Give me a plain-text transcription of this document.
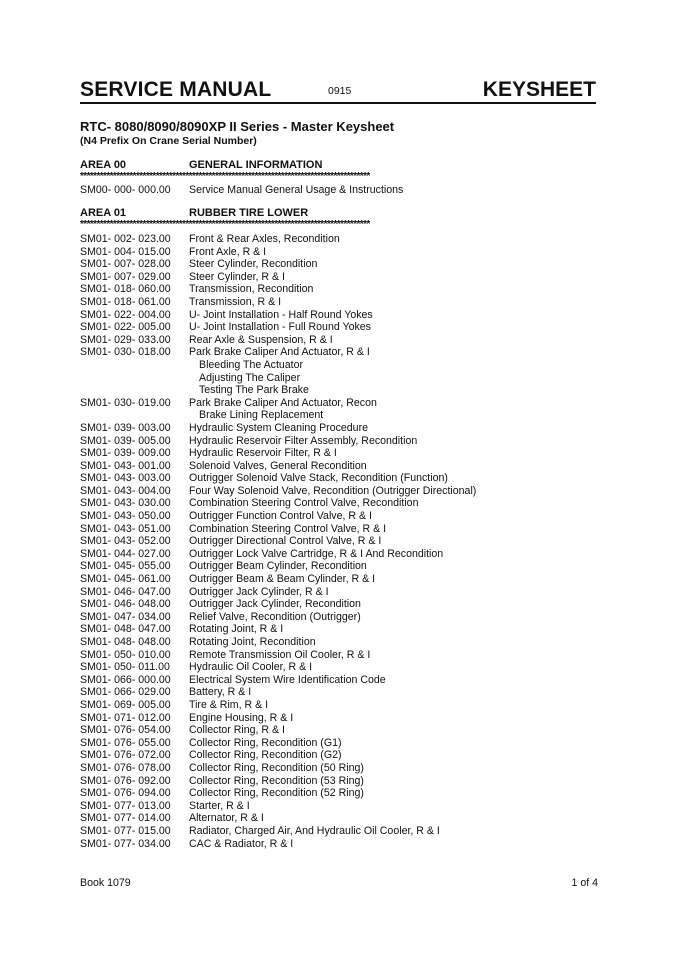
SERVICE MANUAL	0915	KEYSHEET
RTC- 8080/8090/8090XP II Series - Master Keysheet
(N4 Prefix On Crane Serial Number)
AREA 00	GENERAL INFORMATION
****************************************************************************************
SM00- 000- 000.00 Service Manual General Usage & Instructions
AREA 01	RUBBER TIRE LOWER
****************************************************************************************
SM01- 002- 023.00 Front & Rear Axles, Recondition
SM01- 004- 015.00 Front Axle, R & I
SM01- 007- 028.00 Steer Cylinder, Recondition
SM01- 007- 029.00 Steer Cylinder, R & I
SM01- 018- 060.00 Transmission, Recondition
SM01- 018- 061.00 Transmission, R & I
SM01- 022- 004.00 U- Joint Installation - Half Round Yokes
SM01- 022- 005.00 U- Joint Installation - Full Round Yokes
SM01- 029- 033.00 Rear Axle & Suspension, R & I
SM01- 030- 018.00 Park Brake Caliper And Actuator, R & I
Bleeding The Actuator
Adjusting The Caliper
Testing The Park Brake
SM01- 030- 019.00 Park Brake Caliper And Actuator, Recon
Brake Lining Replacement
SM01- 039- 003.00 Hydraulic System Cleaning Procedure
SM01- 039- 005.00 Hydraulic Reservoir Filter Assembly, Recondition
SM01- 039- 009.00 Hydraulic Reservoir Filter, R & I
SM01- 043- 001.00 Solenoid Valves, General Recondition
SM01- 043- 003.00 Outrigger Solenoid Valve Stack, Recondition (Function)
SM01- 043- 004.00 Four Way Solenoid Valve, Recondition (Outrigger Directional)
SM01- 043- 030.00 Combination Steering Control Valve, Recondition
SM01- 043- 050.00 Outrigger Function Control Valve, R & I
SM01- 043- 051.00 Combination Steering Control Valve, R & I
SM01- 043- 052.00 Outrigger Directional Control Valve, R & I
SM01- 044- 027.00 Outrigger Lock Valve Cartridge, R & I And Recondition
SM01- 045- 055.00 Outrigger Beam Cylinder, Recondition
SM01- 045- 061.00 Outrigger Beam & Beam Cylinder, R & I
SM01- 046- 047.00 Outrigger Jack Cylinder, R & I
SM01- 046- 048.00 Outrigger Jack Cylinder, Recondition
SM01- 047- 034.00 Relief Valve, Recondition (Outrigger)
SM01- 048- 047.00 Rotating Joint, R & I
SM01- 048- 048.00 Rotating Joint, Recondition
SM01- 050- 010.00 Remote Transmission Oil Cooler, R & I
SM01- 050- 011.00 Hydraulic Oil Cooler, R & I
SM01- 066- 000.00 Electrical System Wire Identification Code
SM01- 066- 029.00 Battery, R & I
SM01- 069- 005.00 Tire & Rim, R & I
SM01- 071- 012.00 Engine Housing, R & I
SM01- 076- 054.00 Collector Ring, R & I
SM01- 076- 055.00 Collector Ring, Recondition (G1)
SM01- 076- 072.00 Collector Ring, Recondition (G2)
SM01- 076- 078.00 Collector Ring, Recondition (50 Ring)
SM01- 076- 092.00 Collector Ring, Recondition (53 Ring)
SM01- 076- 094.00 Collector Ring, Recondition (52 Ring)
SM01- 077- 013.00 Starter, R & I
SM01- 077- 014.00 Alternator, R & I
SM01- 077- 015.00 Radiator, Charged Air, And Hydraulic Oil Cooler, R & I
SM01- 077- 034.00 CAC & Radiator, R & I
Book 1079	1 of 4
